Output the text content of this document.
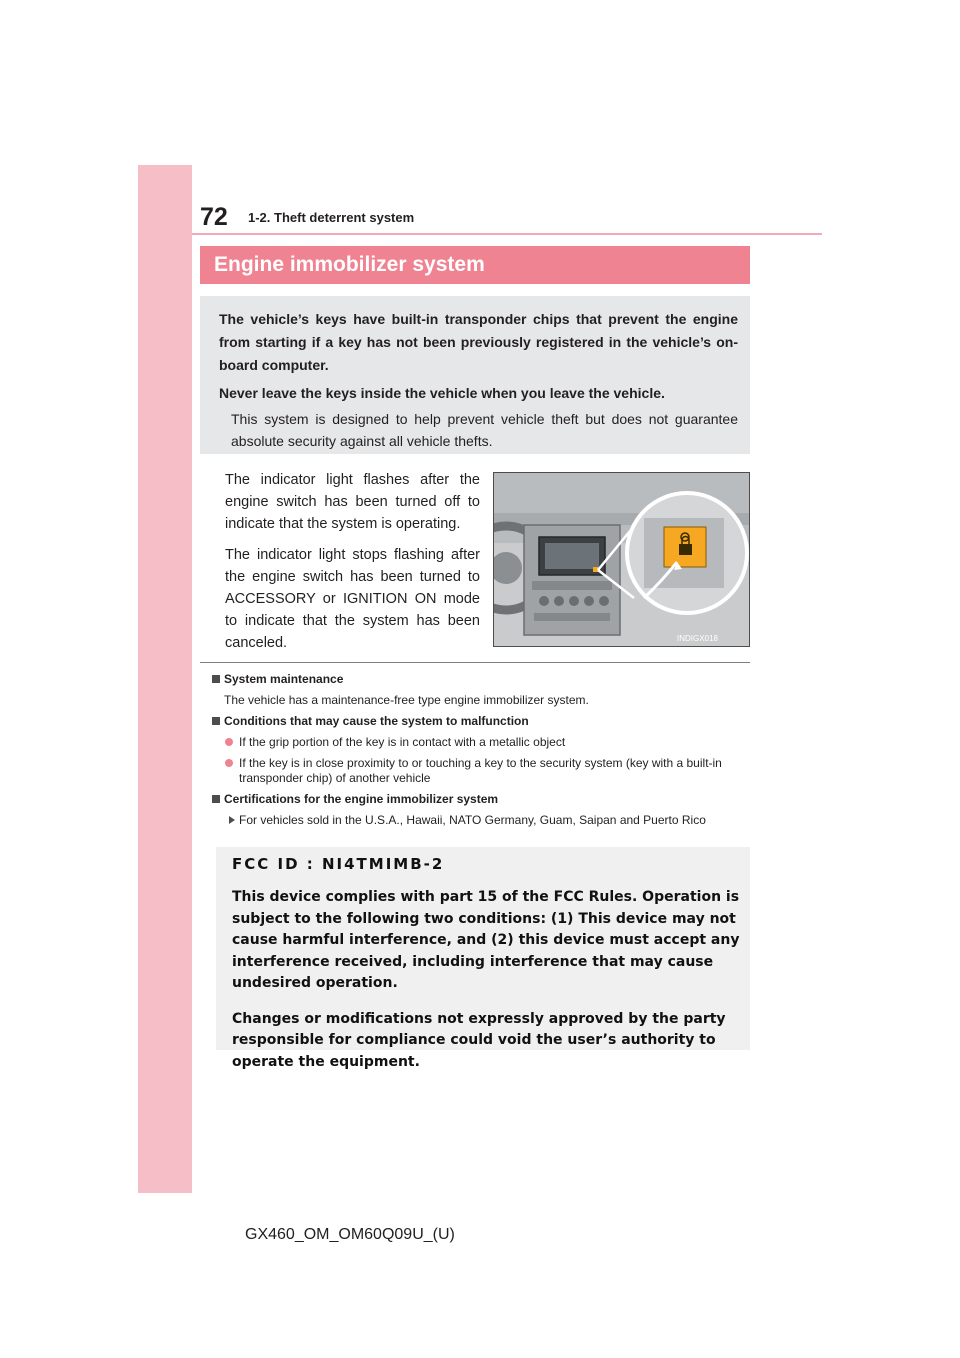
72 1-2. Theft deterrent system
Engine immobilizer system

The vehicle’s keys have built-in transponder chips that prevent the engine from starting if a key has not been previously registered in the vehicle’s on-board computer.

Never leave the keys inside the vehicle when you leave the vehicle.

This system is designed to help prevent vehicle theft but does not guarantee absolute security against all vehicle thefts.

The indicator light flashes after the engine switch has been turned off to indicate that the system is operating.

The indicator light stops flashing after the engine switch has been turned to ACCESSORY or IGNITION ON mode to indicate that the system has been canceled.	INDIGX018
System maintenance
The vehicle has a maintenance-free type engine immobilizer system.
Conditions that may cause the system to malfunction
If the grip portion of the key is in contact with a metallic object
If the key is in close proximity to or touching a key to the security system (key with a built-in transponder chip) of another vehicle
Certifications for the engine immobilizer system
For vehicles sold in the U.S.A., Hawaii, NATO Germany, Guam, Saipan and Puerto Rico

FCC ID : NI4TMIMB-2

This device complies with part 15 of the FCC Rules. Operation is subject to the following two conditions: (1) This device may not cause harmful interference, and (2) this device must accept any interference received, including interference that may cause undesired operation.

Changes or modifications not expressly approved by the party responsible for compliance could void the user’s authority to operate the equipment.

GX460_OM_OM60Q09U_(U)
